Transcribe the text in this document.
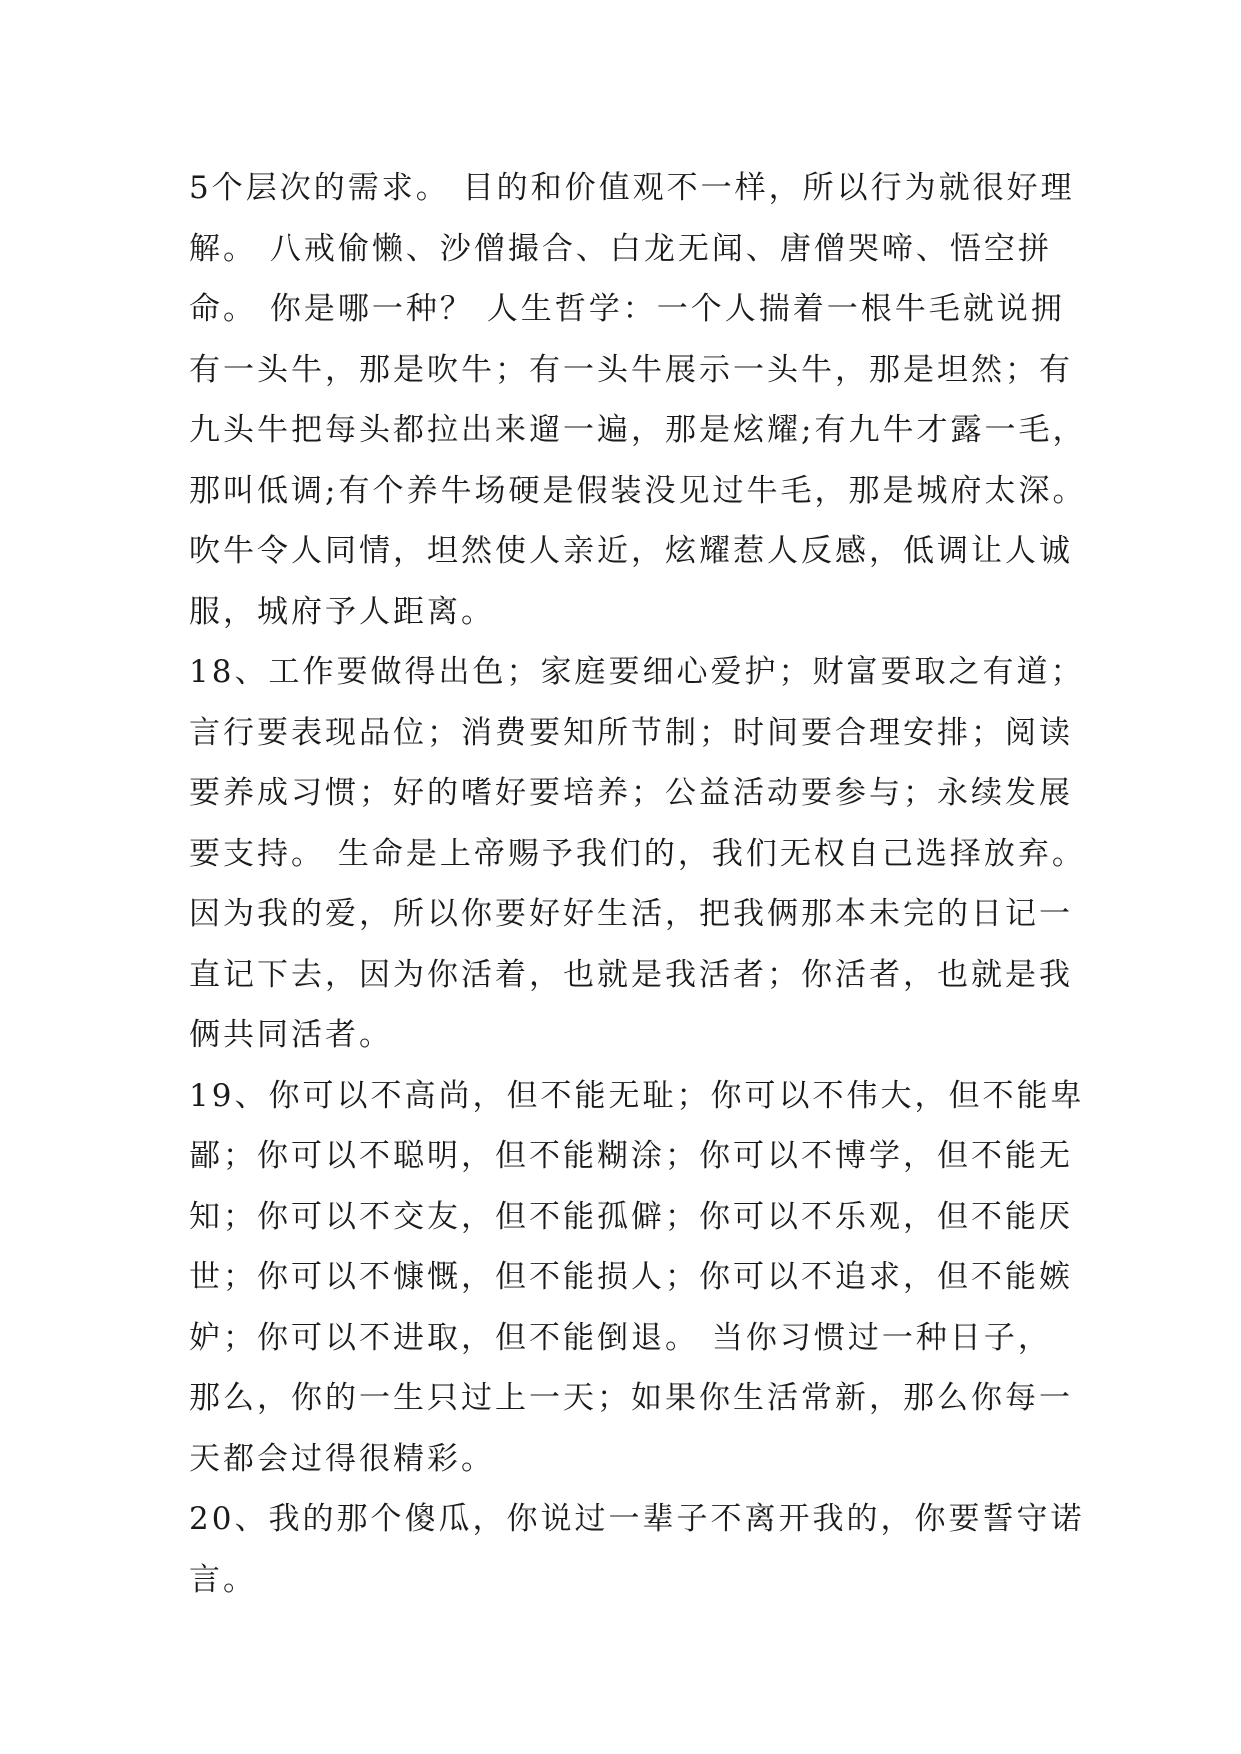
5个层次的需求。 目的和价值观不一样，所以行为就很好理
解。 八戒偷懒、沙僧撮合、白龙无闻、唐僧哭啼、悟空拼
命。 你是哪一种？ 人生哲学：一个人揣着一根牛毛就说拥
有一头牛，那是吹牛；有一头牛展示一头牛，那是坦然；有
九头牛把每头都拉出来遛一遍，那是炫耀;有九牛才露一毛，
那叫低调;有个养牛场硬是假装没见过牛毛，那是城府太深。
吹牛令人同情，坦然使人亲近，炫耀惹人反感，低调让人诚
服，城府予人距离。
18、工作要做得出色；家庭要细心爱护；财富要取之有道；
言行要表现品位；消费要知所节制；时间要合理安排；阅读
要养成习惯；好的嗜好要培养；公益活动要参与；永续发展
要支持。 生命是上帝赐予我们的，我们无权自己选择放弃。
因为我的爱，所以你要好好生活，把我俩那本未完的日记一
直记下去，因为你活着，也就是我活者；你活者，也就是我
俩共同活者。
19、你可以不高尚，但不能无耻；你可以不伟大，但不能卑
鄙；你可以不聪明，但不能糊涂；你可以不博学，但不能无
知；你可以不交友，但不能孤僻；你可以不乐观，但不能厌
世；你可以不慷慨，但不能损人；你可以不追求，但不能嫉
妒；你可以不进取，但不能倒退。 当你习惯过一种日子，
那么，你的一生只过上一天；如果你生活常新，那么你每一
天都会过得很精彩。
20、我的那个傻瓜，你说过一辈子不离开我的，你要誓守诺
言。
